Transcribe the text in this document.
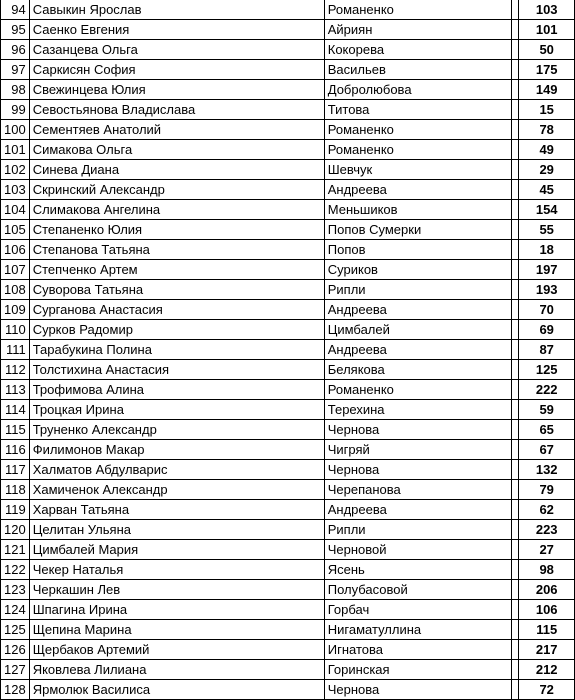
94	Савыкин Ярослав	Романенко		103
95	Саенко Евгения	Айриян		101
96	Сазанцева Ольга	Кокорева		50
97	Саркисян София	Васильев		175
98	Свежинцева Юлия	Добролюбова		149
99	Севостьянова Владислава	Титова		15
100	Сементяев Анатолий	Романенко		78
101	Симакова Ольга	Романенко		49
102	Синева Диана	Шевчук		29
103	Скринский Александр	Андреева		45
104	Слимакова Ангелина	Меньшиков		154
105	Степаненко Юлия	Попов Сумерки		55
106	Степанова Татьяна	Попов		18
107	Степченко Артем	Суриков		197
108	Суворова Татьяна	Рипли		193
109	Сурганова Анастасия	Андреева		70
110	Сурков Радомир	Цимбалей		69
111	Тарабукина Полина	Андреева		87
112	Толстихина Анастасия	Белякова		125
113	Трофимова Алина	Романенко		222
114	Троцкая Ирина	Терехина		59
115	Труненко Александр	Чернова		65
116	Филимонов Макар	Чигряй		67
117	Халматов Абдулварис	Чернова		132
118	Хамиченок Александр	Черепанова		79
119	Харван Татьяна	Андреева		62
120	Целитан Ульяна	Рипли		223
121	Цимбалей Мария	Черновой		27
122	Чекер Наталья	Ясень		98
123	Черкашин Лев	Полубасовой		206
124	Шпагина Ирина	Горбач		106
125	Щепина Марина	Нигаматуллина		115
126	Щербаков Артемий	Игнатова		217
127	Яковлева Лилиана	Горинская		212
128	Ярмолюк Василиса	Чернова		72
